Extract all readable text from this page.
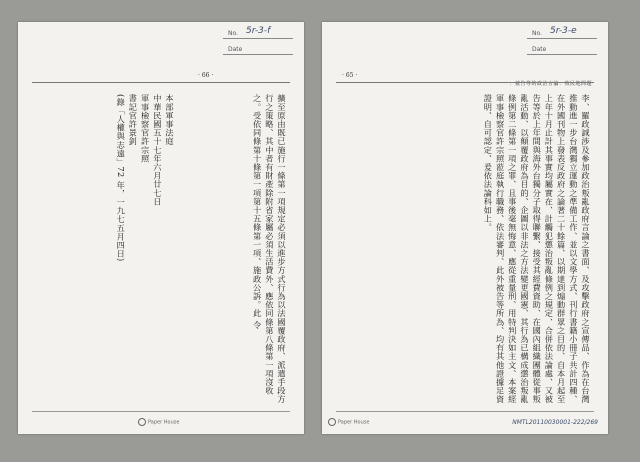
No. 5r-3-f
Date
· 66 ·
擴至原由既已施行一條第一項規定必須以進步方式行為以法國覆政府、派遣手段方行之策略、其中者有財產除附省家屬必須生活費外、應依同條第八條第一項沒收之。受依同條第十條第一項第十五條第一項、施政公訴。此 令
本部軍事法庭
中華民國五十七年六月廿七日
軍事檢察官許宗照
書記官許景釗
(錄「人權與志遠」72 年，一九七五月四日)
Paper House
No. 5r-3-e
Date
· 65 ·
一．被告等的政治言論：殖民地問題
李、羅政誠涉及參加政治叛亂政府言論之書面、及攻擊政府之宣傳品、作為在台灣推動進一步台灣獨立運動之準備工作、並以文學方式、刊行書籍小冊子共計四種、在外國刊物上發表反政府之論著二十餘篇、以期達到煽動群眾之目的、自本月起至上年十月止計其事實均屬實在、計觸犯懲治叛亂條例之規定、合併依法論處、又被告等於上年間與海外台獨分子取得聯繫、接受其經費資助、在國內組織團體從事叛亂活動、以顛覆政府為目的、企圖以非法之方法變更國憲、其行為已構成懲治叛亂條例第二條第一項之罪、且事後毫無悔意、應從重量刑、用特判決如主文、本案經軍事檢察官許宗照蒞庭執行職務、依法審判、此外被告等所為、均有其他證據足資證明、自可認定、爰依法論科如上。
Paper House	NMTL20110030001-222/269
